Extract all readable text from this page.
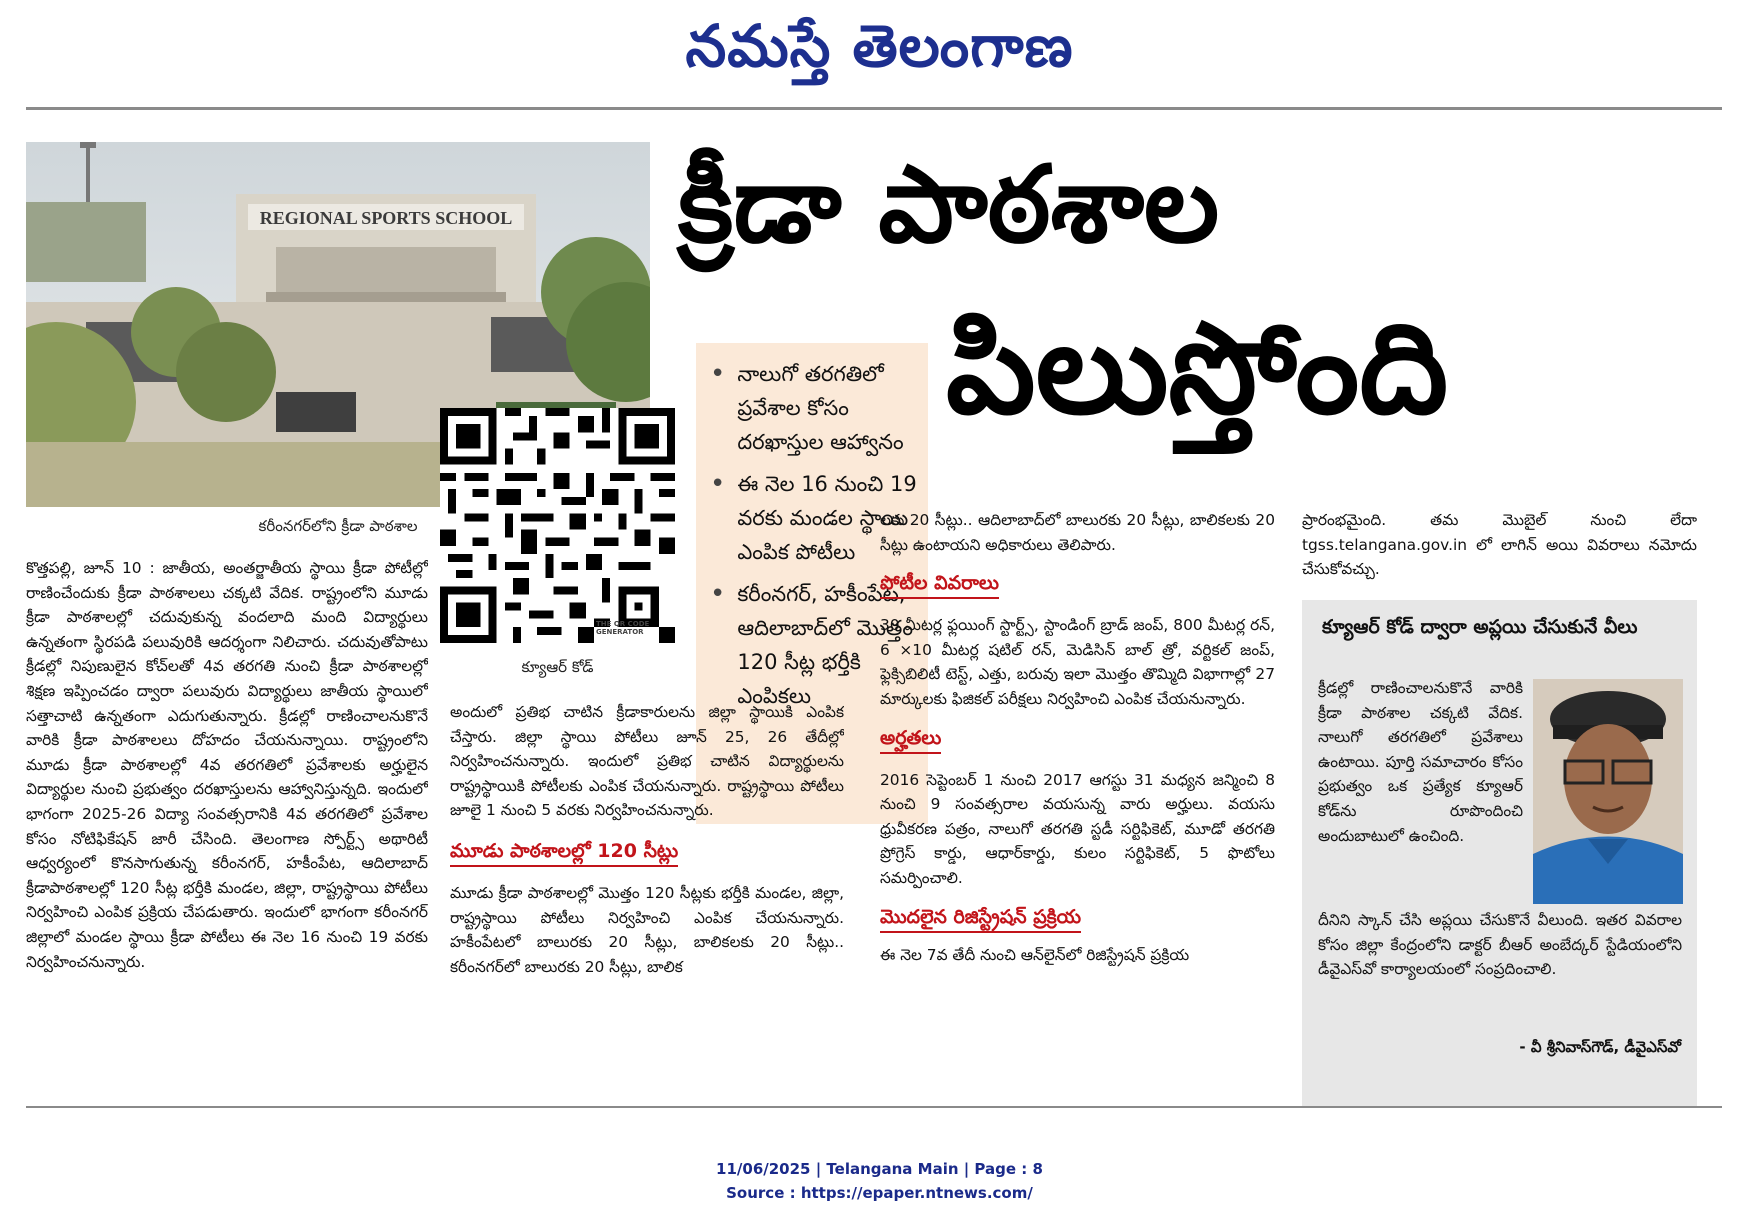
నమస్తే తెలంగాణ
REGIONAL SPORTS SCHOOL
కరీంనగర్‌లోని క్రీడా పాఠశాల
THE QR CODE GENERATOR
క్యూఆర్ కోడ్
క్రీడా పాఠశాల
పిలుస్తోంది
• నాలుగో తరగతిలో ప్రవేశాల కోసం దరఖాస్తుల ఆహ్వానం
• ఈ నెల 16 నుంచి 19 వరకు మండల స్థాయి ఎంపిక పోటీలు
• కరీంనగర్, హకీంపేట, ఆదిలాబాద్‌లో మొత్తం 120 సీట్ల భర్తీకి ఎంపికలు

కొత్తపల్లి, జూన్ 10 : జాతీయ, అంతర్జాతీయ స్థాయి క్రీడా పోటీల్లో రాణించేందుకు క్రీడా పాఠశాలలు చక్కటి వేదిక. రాష్ట్రంలోని మూడు క్రీడా పాఠశాలల్లో చదువుకున్న వందలాది మంది విద్యార్థులు ఉన్నతంగా స్థిరపడి పలువురికి ఆదర్శంగా నిలిచారు. చదువుతోపాటు క్రీడల్లో నిపుణులైన కోచ్‌లతో 4వ తరగతి నుంచి క్రీడా పాఠశాలల్లో శిక్షణ ఇప్పించడం ద్వారా పలువురు విద్యార్థులు జాతీయ స్థాయిలో సత్తాచాటి ఉన్నతంగా ఎదుగుతున్నారు. క్రీడల్లో రాణించాలనుకొనే వారికి క్రీడా పాఠశాలలు దోహదం చేయనున్నాయి. రాష్ట్రంలోని మూడు క్రీడా పాఠశాలల్లో 4వ తరగతిలో ప్రవేశాలకు అర్హులైన విద్యార్థుల నుంచి ప్రభుత్వం దరఖాస్తులను ఆహ్వానిస్తున్నది. ఇందులో భాగంగా 2025-26 విద్యా సంవత్సరానికి 4వ తరగతిలో ప్రవేశాల కోసం నోటిఫికేషన్ జారీ చేసింది. తెలంగాణ స్పోర్ట్స్ అథారిటీ ఆధ్వర్యంలో కొనసాగుతున్న కరీంనగర్, హకీంపేట, ఆదిలాబాద్ క్రీడాపాఠశాలల్లో 120 సీట్ల భర్తీకి మండల, జిల్లా, రాష్ట్రస్థాయి పోటీలు నిర్వహించి ఎంపిక ప్రక్రియ చేపడుతారు. ఇందులో భాగంగా కరీంనగర్ జిల్లాలో మండల స్థాయి క్రీడా పోటీలు ఈ నెల 16 నుంచి 19 వరకు నిర్వహించనున్నారు.

అందులో ప్రతిభ చాటిన క్రీడాకారులను జిల్లా స్థాయికి ఎంపిక చేస్తారు. జిల్లా స్థాయి పోటీలు జూన్ 25, 26 తేదీల్లో నిర్వహించనున్నారు. ఇందులో ప్రతిభ చాటిన విద్యార్థులను రాష్ట్రస్థాయికి పోటీలకు ఎంపిక చేయనున్నారు. రాష్ట్రస్థాయి పోటీలు జూలై 1 నుంచి 5 వరకు నిర్వహించనున్నారు.

మూడు పాఠశాలల్లో 120 సీట్లు

మూడు క్రీడా పాఠశాలల్లో మొత్తం 120 సీట్లకు భర్తీకి మండల, జిల్లా, రాష్ట్రస్థాయి పోటీలు నిర్వహించి ఎంపిక చేయనున్నారు. హకీంపేటలో బాలురకు 20 సీట్లు, బాలికలకు 20 సీట్లు.. కరీంనగర్‌లో బాలురకు 20 సీట్లు, బాలిక

లకు 20 సీట్లు.. ఆదిలాబాద్‌లో బాలురకు 20 సీట్లు, బాలికలకు 20 సీట్లు ఉంటాయని అధికారులు తెలిపారు.

పోటీల వివరాలు

30 మీటర్ల ఫ్లయింగ్ స్టార్ట్స్, స్టాండింగ్ బ్రాడ్ జంప్, 800 మీటర్ల రన్, 6 ×10 మీటర్ల షటిల్ రన్, మెడిసిన్ బాల్ త్రో, వర్టికల్ జంప్, ఫ్లెక్సిబిలిటీ టెస్ట్, ఎత్తు, బరువు ఇలా మొత్తం తొమ్మిది విభాగాల్లో 27 మార్కులకు ఫిజికల్ పరీక్షలు నిర్వహించి ఎంపిక చేయనున్నారు.

అర్హతలు

2016 సెప్టెంబర్ 1 నుంచి 2017 ఆగస్టు 31 మధ్యన జన్మించి 8 నుంచి 9 సంవత్సరాల వయసున్న వారు అర్హులు. వయసు ధ్రువీకరణ పత్రం, నాలుగో తరగతి స్టడీ సర్టిఫికెట్, మూడో తరగతి ప్రోగ్రెస్ కార్డు, ఆధార్‌కార్డు, కులం సర్టిఫికెట్, 5 ఫొటోలు సమర్పించాలి.

మొదలైన రిజిస్ట్రేషన్ ప్రక్రియ

ఈ నెల 7వ తేదీ నుంచి ఆన్‌లైన్‌లో రిజిస్ట్రేషన్ ప్రక్రియ

ప్రారంభమైంది. తమ మొబైల్ నుంచి లేదా tgss.telangana.gov.in లో లాగిన్ అయి వివరాలు నమోదు చేసుకోవచ్చు.

క్యూఆర్ కోడ్ ద్వారా అప్లయి చేసుకునే వీలు

క్రీడల్లో రాణించాలనుకొనే వారికి క్రీడా పాఠశాల చక్కటి వేదిక. నాలుగో తరగతిలో ప్రవేశాలు ఉంటాయి. పూర్తి సమాచారం కోసం ప్రభుత్వం ఒక ప్రత్యేక క్యూఆర్ కోడ్‌ను రూపొందించి అందుబాటులో ఉంచింది.

దీనిని స్కాన్ చేసి అప్లయి చేసుకొనే వీలుంది. ఇతర వివరాల కోసం జిల్లా కేంద్రంలోని డాక్టర్ బీఆర్ అంబేద్కర్ స్టేడియంలోని డీవైఎస్‌వో కార్యాలయంలో సంప్రదించాలి.

- వీ శ్రీనివాస్‌గౌడ్, డీవైఎస్‌వో
11/06/2025 | Telangana Main | Page : 8
Source : https://epaper.ntnews.com/
